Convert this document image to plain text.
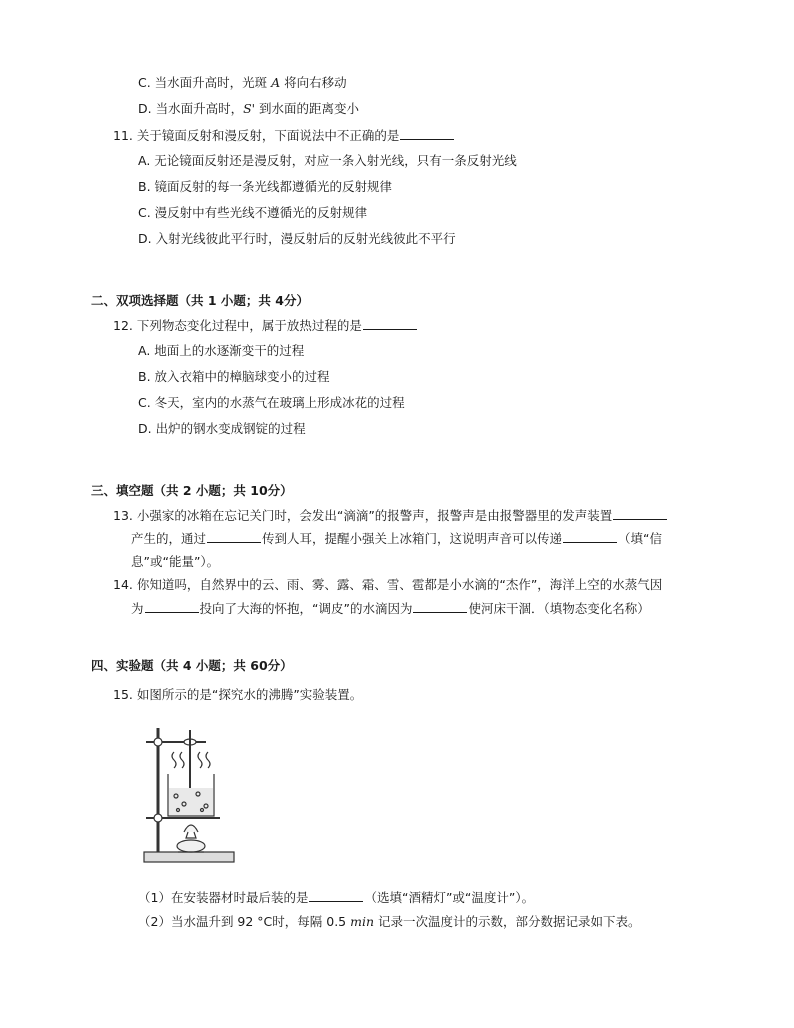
C. 当水面升高时，光斑 A 将向右移动
D. 当水面升高时，S' 到水面的距离变小
11. 关于镜面反射和漫反射，下面说法中不正确的是
A. 无论镜面反射还是漫反射，对应一条入射光线，只有一条反射光线
B. 镜面反射的每一条光线都遵循光的反射规律
C. 漫反射中有些光线不遵循光的反射规律
D. 入射光线彼此平行时，漫反射后的反射光线彼此不平行
二、双项选择题（共 1 小题；共 4分）
12. 下列物态变化过程中，属于放热过程的是
A. 地面上的水逐渐变干的过程
B. 放入衣箱中的樟脑球变小的过程
C. 冬天，室内的水蒸气在玻璃上形成冰花的过程
D. 出炉的钢水变成钢锭的过程
三、填空题（共 2 小题；共 10分）
13. 小强家的冰箱在忘记关门时，会发出“滴滴”的报警声，报警声是由报警器里的发声装置
产生的，通过	传到人耳，提醒小强关上冰箱门，这说明声音可以传递	（填“信
息”或“能量”）。
14. 你知道吗，自然界中的云、雨、雾、露、霜、雪、雹都是小水滴的“杰作”，海洋上空的水蒸气因
为	投向了大海的怀抱，“调皮”的水滴因为	使河床干涸．（填物态变化名称）
四、实验题（共 4 小题；共 60分）
15. 如图所示的是“探究水的沸腾”实验装置。
（1）在安装器材时最后装的是	（选填“酒精灯”或“温度计”）。
（2）当水温升到 92 °C时，每隔 0.5 min 记录一次温度计的示数，部分数据记录如下表。
